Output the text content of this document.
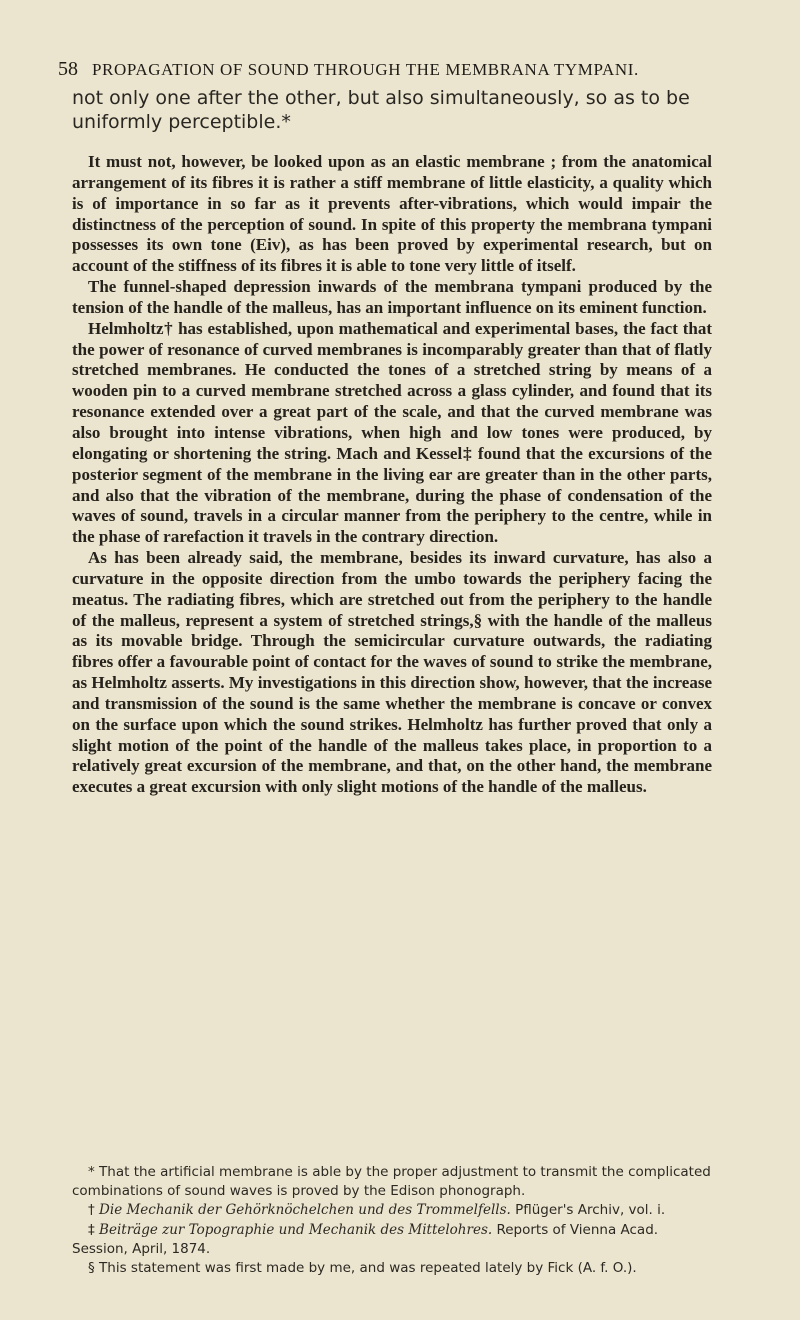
58 PROPAGATION OF SOUND THROUGH THE MEMBRANA TYMPANI.
not only one after the other, but also simultaneously, so as to be uniformly perceptible.*

It must not, however, be looked upon as an elastic membrane ; from the anatomical arrangement of its fibres it is rather a stiff membrane of little elasticity, a quality which is of importance in so far as it prevents after-vibrations, which would impair the distinctness of the perception of sound. In spite of this property the membrana tympani possesses its own tone (Eiv), as has been proved by experimental research, but on account of the stiffness of its fibres it is able to tone very little of itself.

The funnel-shaped depression inwards of the membrana tympani produced by the tension of the handle of the malleus, has an important influence on its eminent function.

Helmholtz† has established, upon mathematical and experimental bases, the fact that the power of resonance of curved membranes is incomparably greater than that of flatly stretched membranes. He conducted the tones of a stretched string by means of a wooden pin to a curved membrane stretched across a glass cylinder, and found that its resonance extended over a great part of the scale, and that the curved membrane was also brought into intense vibrations, when high and low tones were produced, by elongating or shortening the string. Mach and Kessel‡ found that the excursions of the posterior segment of the membrane in the living ear are greater than in the other parts, and also that the vibration of the membrane, during the phase of condensation of the waves of sound, travels in a circular manner from the periphery to the centre, while in the phase of rarefaction it travels in the contrary direction.

As has been already said, the membrane, besides its inward curvature, has also a curvature in the opposite direction from the umbo towards the periphery facing the meatus. The radiating fibres, which are stretched out from the periphery to the handle of the malleus, represent a system of stretched strings,§ with the handle of the malleus as its movable bridge. Through the semicircular curvature outwards, the radiating fibres offer a favourable point of contact for the waves of sound to strike the membrane, as Helmholtz asserts. My investigations in this direction show, however, that the increase and transmission of the sound is the same whether the membrane is concave or convex on the surface upon which the sound strikes. Helmholtz has further proved that only a slight motion of the point of the handle of the malleus takes place, in proportion to a relatively great excursion of the membrane, and that, on the other hand, the membrane executes a great excursion with only slight motions of the handle of the malleus.

* That the artificial membrane is able by the proper adjustment to transmit the complicated combinations of sound waves is proved by the Edison phonograph.

† Die Mechanik der Gehörknöchelchen und des Trommelfells. Pflüger's Archiv, vol. i.

‡ Beiträge zur Topographie und Mechanik des Mittelohres. Reports of Vienna Acad. Session, April, 1874.

§ This statement was first made by me, and was repeated lately by Fick (A. f. O.).
